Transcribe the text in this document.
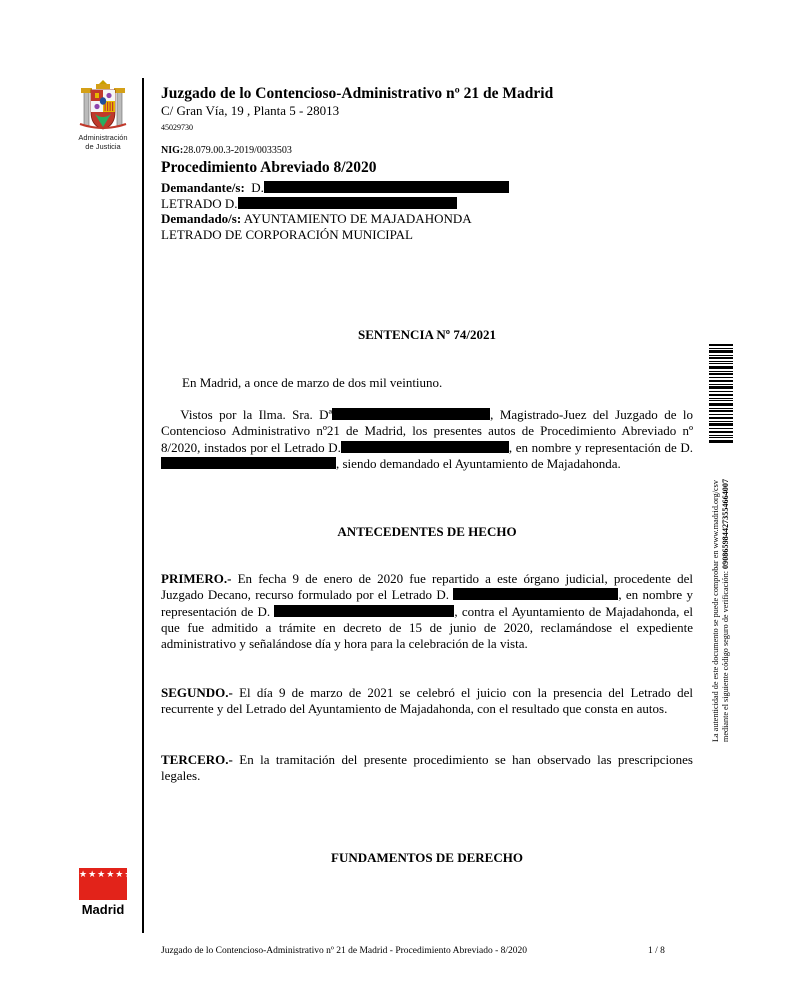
Administración
de Justicia
Juzgado de lo Contencioso-Administrativo nº 21 de Madrid
C/ Gran Vía, 19 , Planta 5 - 28013
45029730
NIG:28.079.00.3-2019/0033503
Procedimiento Abreviado 8/2020
Demandante/s: D.
LETRADO D.
Demandado/s: AYUNTAMIENTO DE MAJADAHONDA
LETRADO DE CORPORACIÓN MUNICIPAL
SENTENCIA Nº 74/2021
En Madrid, a once de marzo de dos mil veintiuno.
Vistos por la Ilma. Sra. Dª	, Magistrado-Juez del Juzgado de lo Contencioso Administrativo nº21 de Madrid, los presentes autos de Procedimiento Abreviado nº 8/2020, instados por el Letrado D.	, en nombre y representación de D. , siendo demandado el Ayuntamiento de Majadahonda.
ANTECEDENTES DE HECHO
PRIMERO.- En fecha 9 de enero de 2020 fue repartido a este órgano judicial, procedente del Juzgado Decano, recurso formulado por el Letrado D.	, en nombre y representación de D.	, contra el Ayuntamiento de Majadahonda, el que fue admitido a trámite en decreto de 15 de junio de 2020, reclamándose el expediente administrativo y señalándose día y hora para la celebración de la vista.
SEGUNDO.- El día 9 de marzo de 2021 se celebró el juicio con la presencia del Letrado del recurrente y del Letrado del Ayuntamiento de Majadahonda, con el resultado que consta en autos.
TERCERO.- En la tramitación del presente procedimiento se han observado las prescripciones legales.
FUNDAMENTOS DE DERECHO
★★★★★★★
Madrid
La autenticidad de este documento se puede comprobar en www.madrid.org/csv mediante el siguiente código seguro de verificación: 0908659844273554664007
Juzgado de lo Contencioso-Administrativo nº 21 de Madrid - Procedimiento Abreviado - 8/2020	1 / 8
